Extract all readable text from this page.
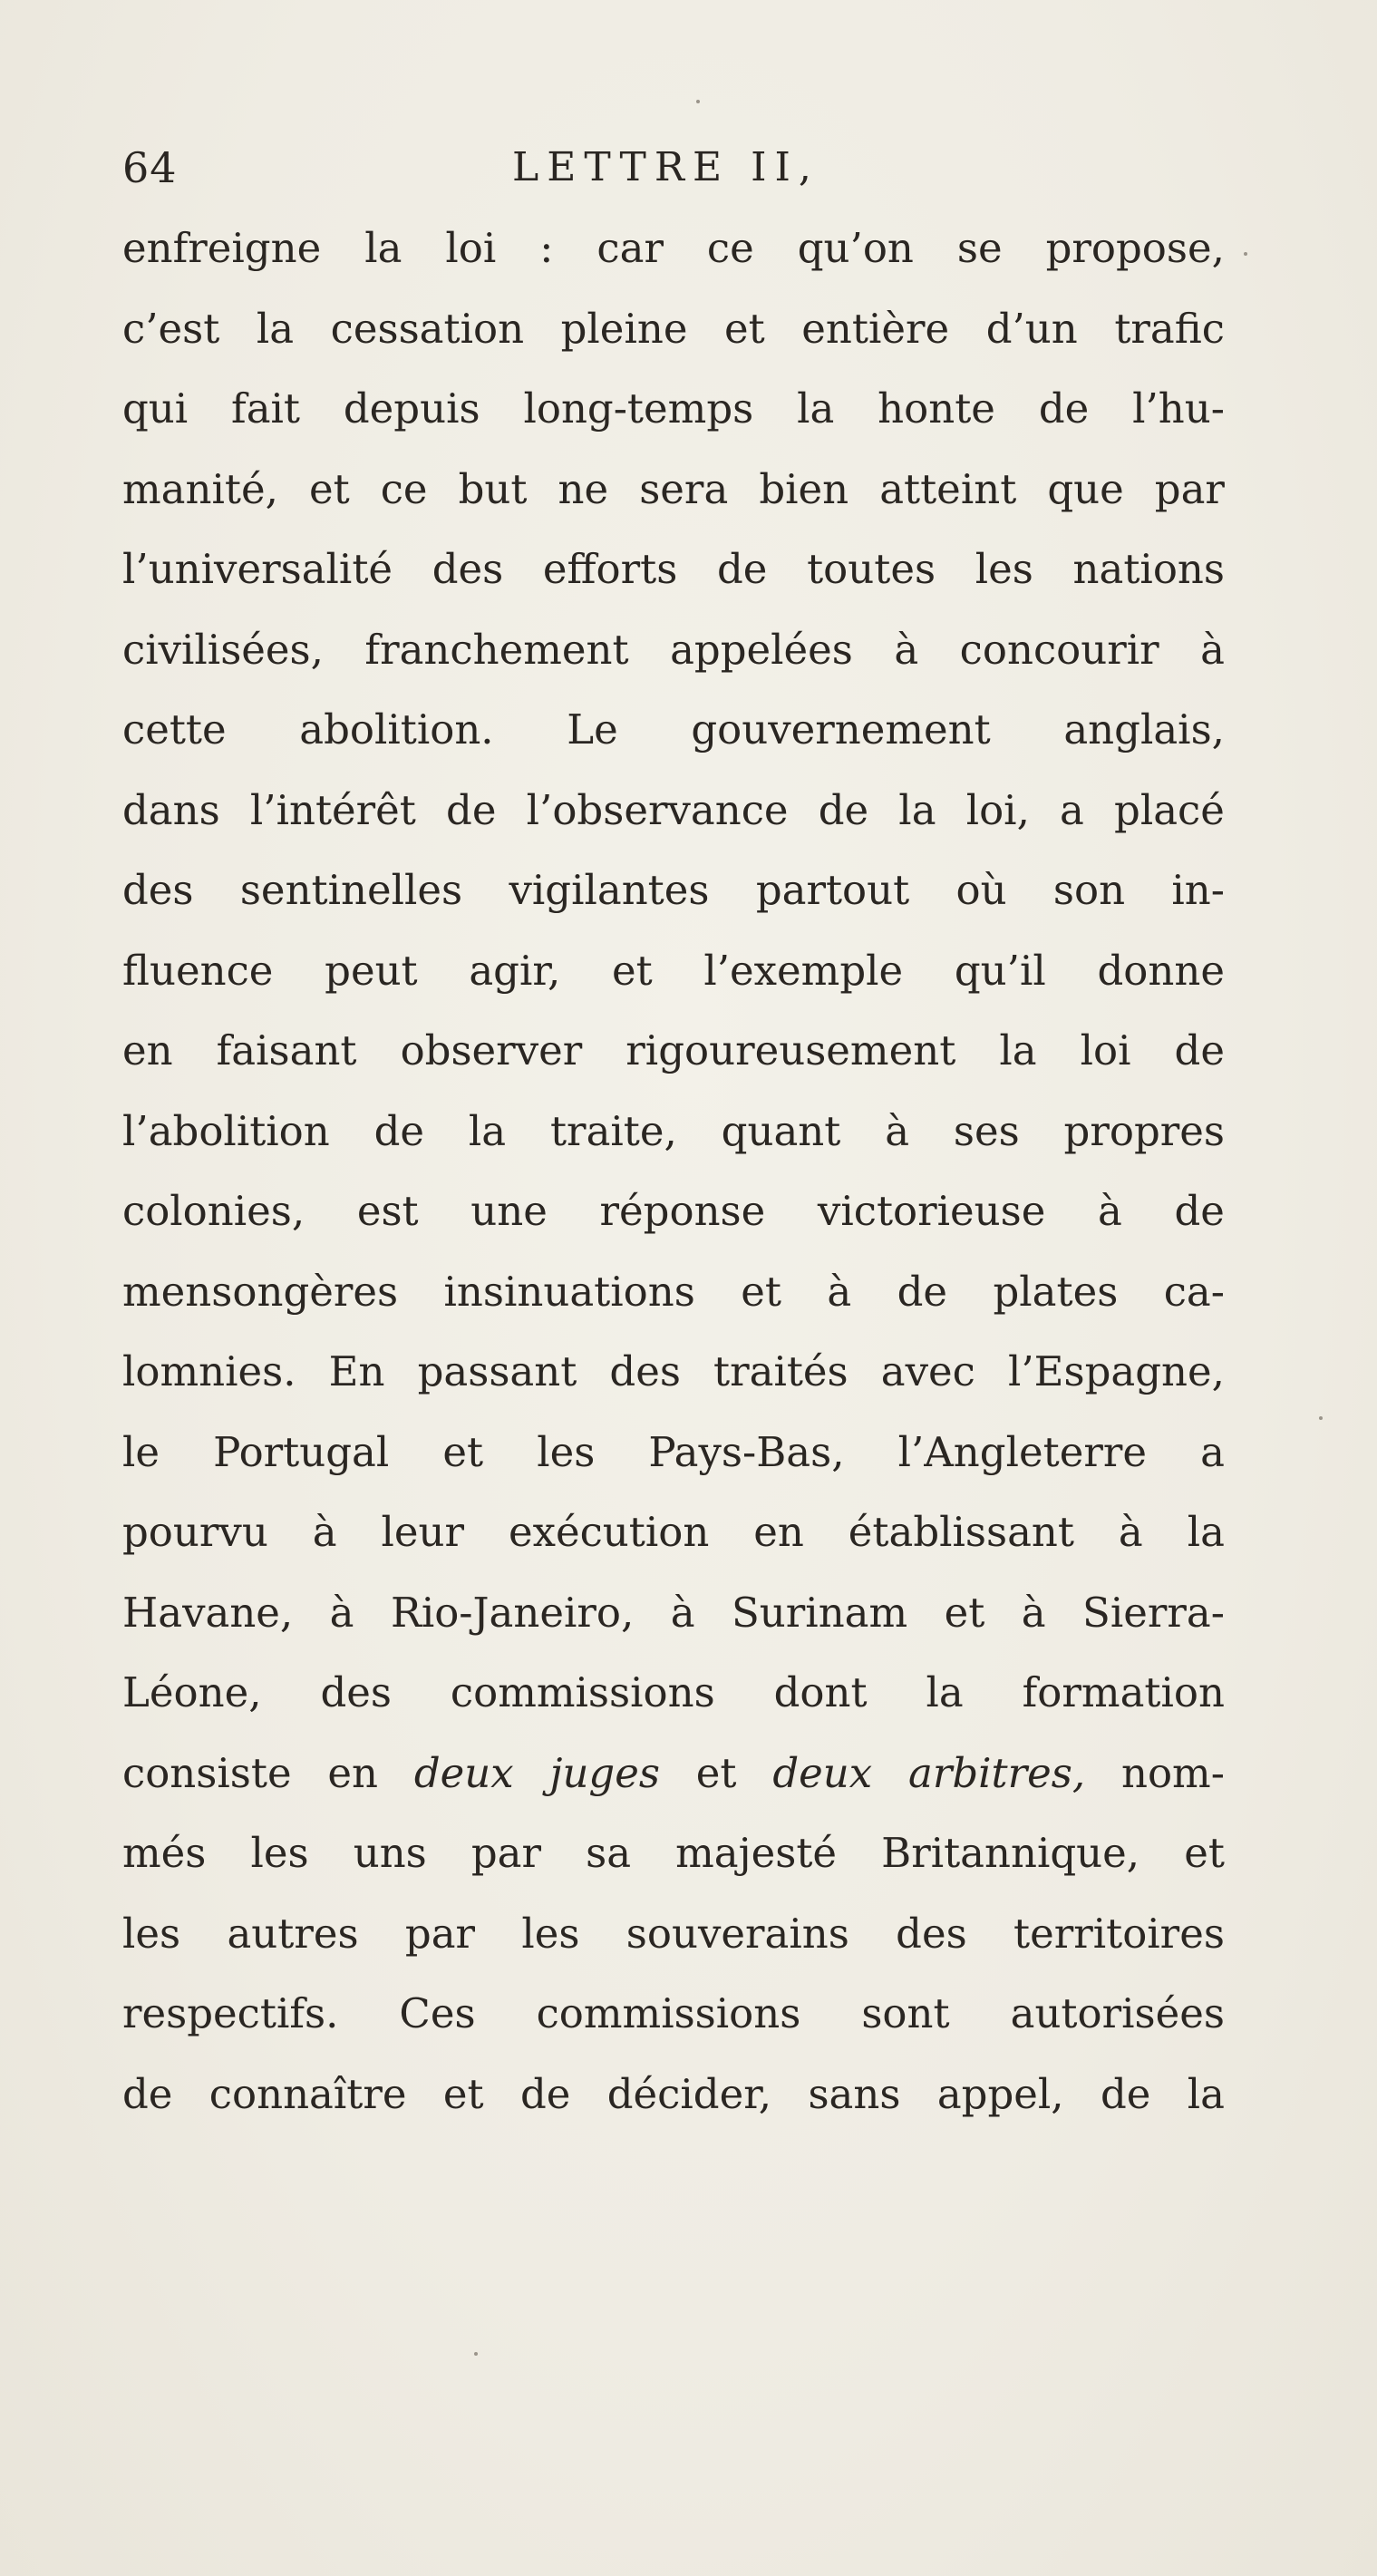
64	LETTRE II,
enfreigne la loi : car ce qu’on se propose,
c’est la cessation pleine et entière d’un trafic
qui fait depuis long-temps la honte de l’hu-
manité, et ce but ne sera bien atteint que par
l’universalité des efforts de toutes les nations
civilisées, franchement appelées à concourir à
cette abolition. Le gouvernement anglais,
dans l’intérêt de l’observance de la loi, a placé
des sentinelles vigilantes partout où son in-
fluence peut agir, et l’exemple qu’il donne
en faisant observer rigoureusement la loi de
l’abolition de la traite, quant à ses propres
colonies, est une réponse victorieuse à de
mensongères insinuations et à de plates ca-
lomnies. En passant des traités avec l’Espagne,
le Portugal et les Pays-Bas, l’Angleterre a
pourvu à leur exécution en établissant à la
Havane, à Rio-Janeiro, à Surinam et à Sierra-
Léone, des commissions dont la formation
consiste en deux juges et deux arbitres, nom-
més les uns par sa majesté Britannique, et
les autres par les souverains des territoires
respectifs. Ces commissions sont autorisées
de connaître et de décider, sans appel, de la
